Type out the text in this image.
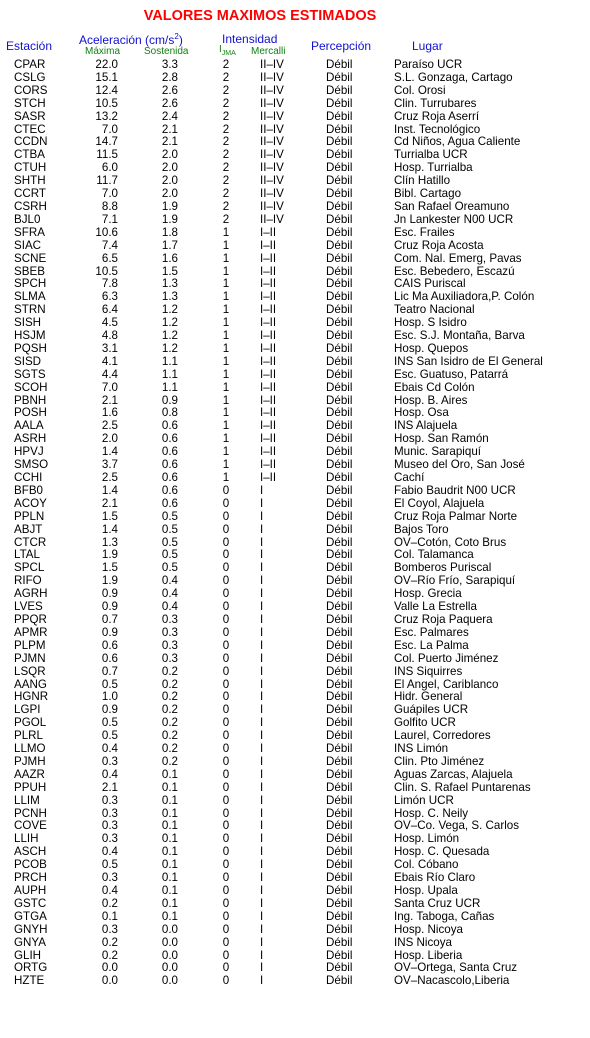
VALORES MAXIMOS ESTIMADOS
Estación Aceleración $(cm/s^2)$	Intensidad	Percepción	Lugar
Máxima Sostenida	$I_{JMA}$ Mercalli
CPAR	22.0	3.3	2	II–IV	Débil	Paraíso UCR
CSLG	15.1	2.8	2	II–IV	Débil	S.L. Gonzaga, Cartago
CORS	12.4	2.6	2	II–IV	Débil	Col. Orosi
STCH	10.5	2.6	2	II–IV	Débil	Clin. Turrubares
SASR	13.2	2.4	2	II–IV	Débil	Cruz Roja Aserrí
CTEC	7.0	2.1	2	II–IV	Débil	Inst. Tecnológico
CCDN	14.7	2.1	2	II–IV	Débil	Cd Niños, Agua Caliente
CTBA	11.5	2.0	2	II–IV	Débil	Turrialba UCR
CTUH	6.0	2.0	2	II–IV	Débil	Hosp. Turrialba
SHTH	11.7	2.0	2	II–IV	Débil	Clín Hatillo
CCRT	7.0	2.0	2	II–IV	Débil	Bibl. Cartago
CSRH	8.8	1.9	2	II–IV	Débil	San Rafael Oreamuno
BJL0	7.1	1.9	2	II–IV	Débil	Jn Lankester N00 UCR
SFRA	10.6	1.8	1	I–II	Débil	Esc. Frailes
SIAC	7.4	1.7	1	I–II	Débil	Cruz Roja Acosta
SCNE	6.5	1.6	1	I–II	Débil	Com. Nal. Emerg, Pavas
SBEB	10.5	1.5	1	I–II	Débil	Esc. Bebedero, Escazú
SPCH	7.8	1.3	1	I–II	Débil	CAIS Puriscal
SLMA	6.3	1.3	1	I–II	Débil	Lic Ma Auxiliadora,P. Colón
STRN	6.4	1.2	1	I–II	Débil	Teatro Nacional
SISH	4.5	1.2	1	I–II	Débil	Hosp. S Isidro
HSJM	4.8	1.2	1	I–II	Débil	Esc. S.J. Montaña, Barva
PQSH	3.1	1.2	1	I–II	Débil	Hosp. Quepos
SISD	4.1	1.1	1	I–II	Débil	INS San Isidro de El General
SGTS	4.4	1.1	1	I–II	Débil	Esc. Guatuso, Patarrá
SCOH	7.0	1.1	1	I–II	Débil	Ebais Cd Colón
PBNH	2.1	0.9	1	I–II	Débil	Hosp. B. Aires
POSH	1.6	0.8	1	I–II	Débil	Hosp. Osa
AALA	2.5	0.6	1	I–II	Débil	INS Alajuela
ASRH	2.0	0.6	1	I–II	Débil	Hosp. San Ramón
HPVJ	1.4	0.6	1	I–II	Débil	Munic. Sarapiquí
SMSO	3.7	0.6	1	I–II	Débil	Museo del Oro, San José
CCHI	2.5	0.6	1	I–II	Débil	Cachí
BFB0	1.4	0.6	0	I	Débil	Fabio Baudrit N00 UCR
ACOY	2.1	0.6	0	I	Débil	El Coyol, Alajuela
PPLN	1.5	0.5	0	I	Débil	Cruz Roja Palmar Norte
ABJT	1.4	0.5	0	I	Débil	Bajos Toro
CTCR	1.3	0.5	0	I	Débil	OV–Cotón, Coto Brus
LTAL	1.9	0.5	0	I	Débil	Col. Talamanca
SPCL	1.5	0.5	0	I	Débil	Bomberos Puriscal
RIFO	1.9	0.4	0	I	Débil	OV–Río Frío, Sarapiquí
AGRH	0.9	0.4	0	I	Débil	Hosp. Grecia
LVES	0.9	0.4	0	I	Débil	Valle La Estrella
PPQR	0.7	0.3	0	I	Débil	Cruz Roja Paquera
APMR	0.9	0.3	0	I	Débil	Esc. Palmares
PLPM	0.6	0.3	0	I	Débil	Esc. La Palma
PJMN	0.6	0.3	0	I	Débil	Col. Puerto Jiménez
LSQR	0.7	0.2	0	I	Débil	INS Siquirres
AANG	0.5	0.2	0	I	Débil	El Angel, Cariblanco
HGNR	1.0	0.2	0	I	Débil	Hidr. General
LGPI	0.9	0.2	0	I	Débil	Guápiles UCR
PGOL	0.5	0.2	0	I	Débil	Golfito UCR
PLRL	0.5	0.2	0	I	Débil	Laurel, Corredores
LLMO	0.4	0.2	0	I	Débil	INS Limón
PJMH	0.3	0.2	0	I	Débil	Clin. Pto Jiménez
AAZR	0.4	0.1	0	I	Débil	Aguas Zarcas, Alajuela
PPUH	2.1	0.1	0	I	Débil	Clin. S. Rafael Puntarenas
LLIM	0.3	0.1	0	I	Débil	Limón UCR
PCNH	0.3	0.1	0	I	Débil	Hosp. C. Neily
COVE	0.3	0.1	0	I	Débil	OV–Co. Vega, S. Carlos
LLIH	0.3	0.1	0	I	Débil	Hosp. Limón
ASCH	0.4	0.1	0	I	Débil	Hosp. C. Quesada
PCOB	0.5	0.1	0	I	Débil	Col. Cóbano
PRCH	0.3	0.1	0	I	Débil	Ebais Río Claro
AUPH	0.4	0.1	0	I	Débil	Hosp. Upala
GSTC	0.2	0.1	0	I	Débil	Santa Cruz UCR
GTGA	0.1	0.1	0	I	Débil	Ing. Taboga, Cañas
GNYH	0.3	0.0	0	I	Débil	Hosp. Nicoya
GNYA	0.2	0.0	0	I	Débil	INS Nicoya
GLIH	0.2	0.0	0	I	Débil	Hosp. Liberia
ORTG	0.0	0.0	0	I	Débil	OV–Ortega, Santa Cruz
HZTE	0.0	0.0	0	I	Débil	OV–Nacascolo,Liberia
